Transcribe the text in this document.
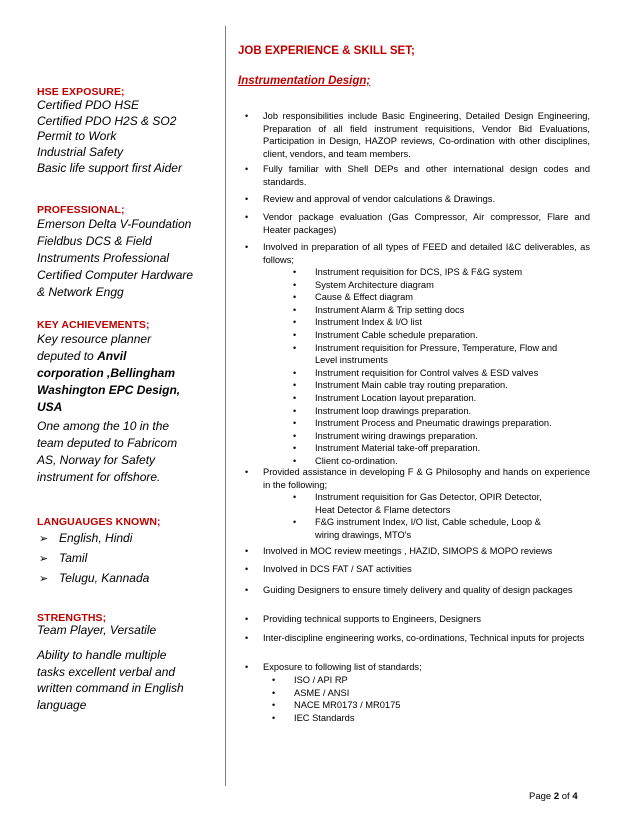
HSE EXPOSURE;
Certified PDO HSE
Certified PDO H2S & SO2
Permit to Work
Industrial Safety
Basic life support first Aider
PROFESSIONAL;
Emerson Delta V-Foundation
Fieldbus DCS & Field
Instruments Professional
Certified Computer Hardware
& Network Engg
KEY ACHIEVEMENTS;
Key resource planner
deputed to Anvil
corporation ,Bellingham
Washington EPC Design,
USA
One among the 10 in the
team deputed to Fabricom
AS, Norway for Safety
instrument for offshore.
LANGUAUGES KNOWN;
➢ English, Hindi
➢ Tamil
➢ Telugu, Kannada
STRENGTHS;
Team Player, Versatile
Ability to handle multiple
tasks excellent verbal and
written command in English
language
JOB EXPERIENCE & SKILL SET;
Instrumentation Design;
• Job responsibilities include Basic Engineering, Detailed Design Engineering, Preparation of all field instrument requisitions, Vendor Bid Evaluations, Participation in Design, HAZOP reviews, Co-ordination with other disciplines, client, vendors, and team members.
• Fully familiar with Shell DEPs and other international design codes and standards.
• Review and approval of vendor calculations & Drawings.
• Vendor package evaluation (Gas Compressor, Air compressor, Flare and Heater packages)
• Involved in preparation of all types of FEED and detailed I&C deliverables, as follows;
• Instrument requisition for DCS, IPS & F&G system
• System Architecture diagram
• Cause & Effect diagram
• Instrument Alarm & Trip setting docs
• Instrument Index & I/O list
• Instrument Cable schedule preparation.
• Instrument requisition for Pressure, Temperature, Flow and
Level instruments
• Instrument requisition for Control valves & ESD valves
• Instrument Main cable tray routing preparation.
• Instrument Location layout preparation.
• Instrument loop drawings preparation.
• Instrument Process and Pneumatic drawings preparation.
• Instrument wiring drawings preparation.
• Instrument Material take-off preparation.
• Client co-ordination.
• Provided assistance in developing F & G Philosophy and hands on experience in the following;
• Instrument requisition for Gas Detector, OPIR Detector,
Heat Detector & Flame detectors
• F&G instrument Index, I/O list, Cable schedule, Loop &
wiring drawings, MTO's
• Involved in MOC review meetings , HAZID, SIMOPS & MOPO reviews
• Involved in DCS FAT / SAT activities
• Guiding Designers to ensure timely delivery and quality of design packages
• Providing technical supports to Engineers, Designers
• Inter-discipline engineering works, co-ordinations, Technical inputs for projects
• Exposure to following list of standards;
• ISO / API RP
• ASME / ANSI
• NACE MR0173 / MR0175
• IEC Standards
Page 2 of 4
